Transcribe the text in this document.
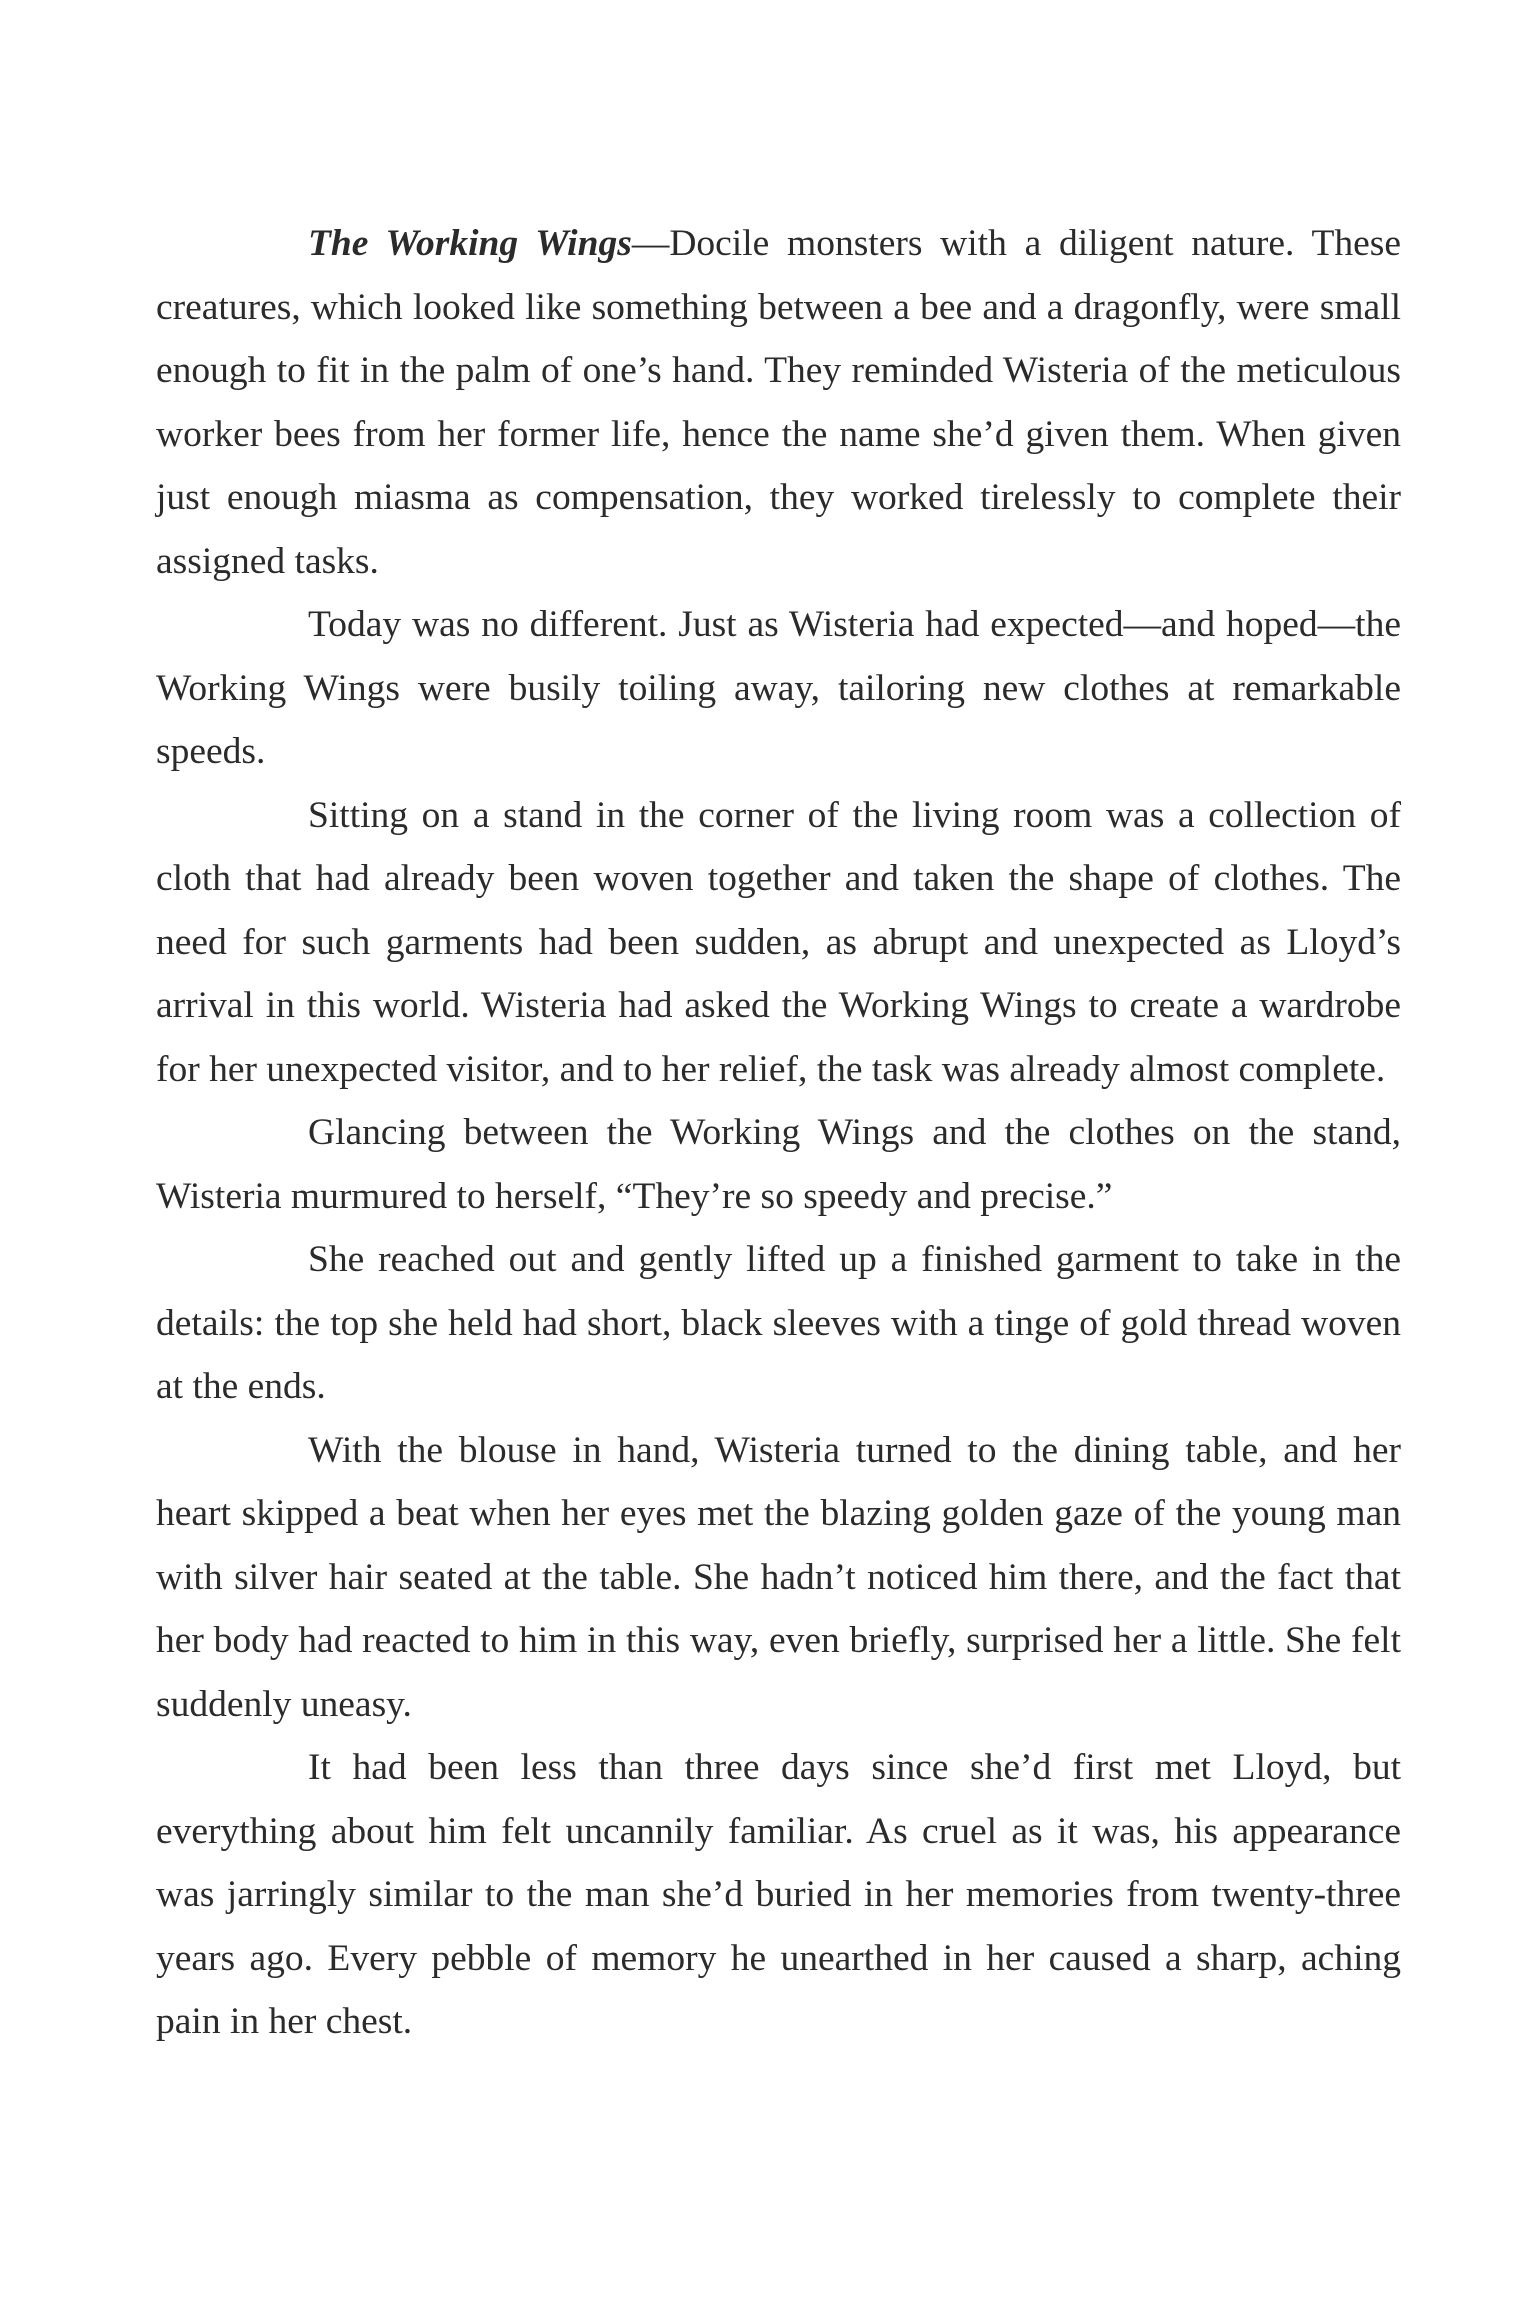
The Working Wings—Docile monsters with a diligent nature. These creatures, which looked like something between a bee and a dragonfly, were small enough to fit in the palm of one’s hand. They reminded Wisteria of the meticulous worker bees from her former life, hence the name she’d given them. When given just enough miasma as compensation, they worked tirelessly to complete their assigned tasks.

Today was no different. Just as Wisteria had expected—and hoped—the Working Wings were busily toiling away, tailoring new clothes at remarkable speeds.

Sitting on a stand in the corner of the living room was a collection of cloth that had already been woven together and taken the shape of clothes. The need for such garments had been sudden, as abrupt and unexpected as Lloyd’s arrival in this world. Wisteria had asked the Working Wings to create a wardrobe for her unexpected visitor, and to her relief, the task was already almost complete.

Glancing between the Working Wings and the clothes on the stand, Wisteria murmured to herself, “They’re so speedy and precise.”

She reached out and gently lifted up a finished garment to take in the details: the top she held had short, black sleeves with a tinge of gold thread woven at the ends.

With the blouse in hand, Wisteria turned to the dining table, and her heart skipped a beat when her eyes met the blazing golden gaze of the young man with silver hair seated at the table. She hadn’t noticed him there, and the fact that her body had reacted to him in this way, even briefly, surprised her a little. She felt suddenly uneasy.

It had been less than three days since she’d first met Lloyd, but everything about him felt uncannily familiar. As cruel as it was, his appearance was jarringly similar to the man she’d buried in her memories from twenty-three years ago. Every pebble of memory he unearthed in her caused a sharp, aching pain in her chest.
